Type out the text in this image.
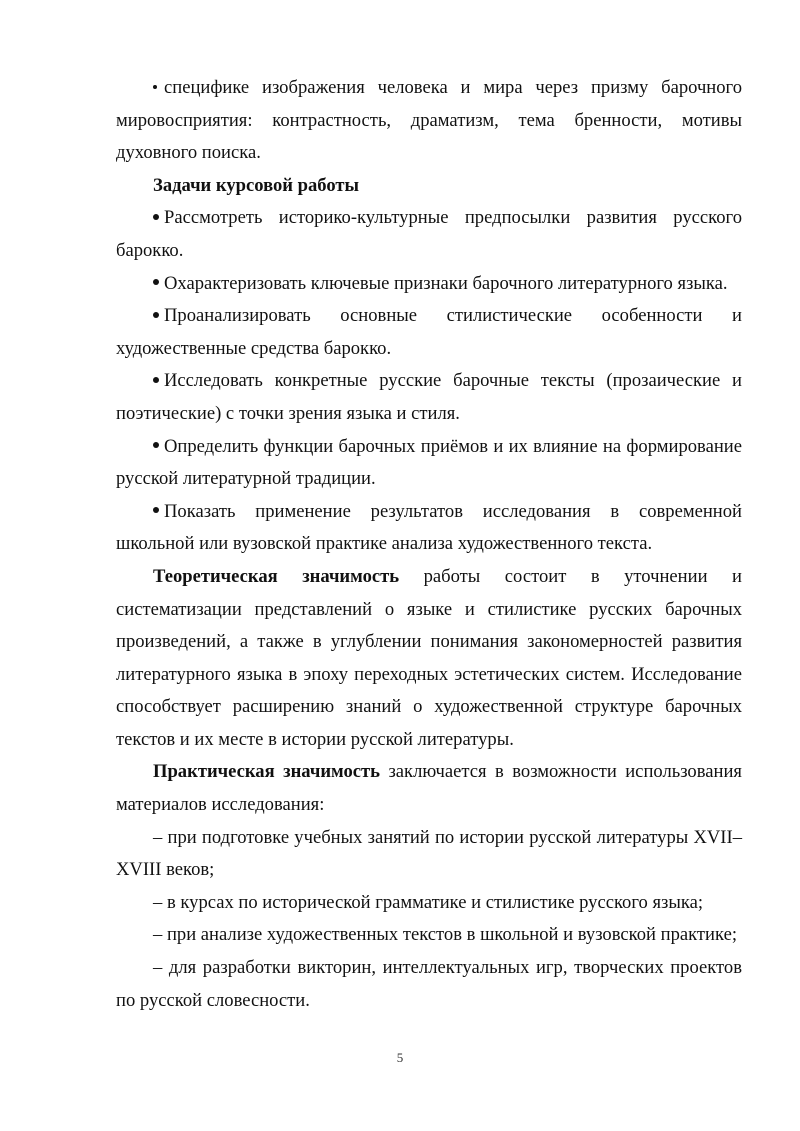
специфике изображения человека и мира через призму барочного мировосприятия: контрастность, драматизм, тема бренности, мотивы духовного поиска.

Задачи курсовой работы

Рассмотреть историко-культурные предпосылки развития русского барокко.

Охарактеризовать ключевые признаки барочного литературного языка.

Проанализировать основные стилистические особенности и художественные средства барокко.

Исследовать конкретные русские барочные тексты (прозаические и поэтические) с точки зрения языка и стиля.

Определить функции барочных приёмов и их влияние на формирование русской литературной традиции.

Показать применение результатов исследования в современной школьной или вузовской практике анализа художественного текста.

Теоретическая значимость работы состоит в уточнении и систематизации представлений о языке и стилистике русских барочных произведений, а также в углублении понимания закономерностей развития литературного языка в эпоху переходных эстетических систем. Исследование способствует расширению знаний о художественной структуре барочных текстов и их месте в истории русской литературы.

Практическая значимость заключается в возможности использования материалов исследования:

– при подготовке учебных занятий по истории русской литературы XVII–XVIII веков;

– в курсах по исторической грамматике и стилистике русского языка;

– при анализе художественных текстов в школьной и вузовской практике;

– для разработки викторин, интеллектуальных игр, творческих проектов по русской словесности.

5
